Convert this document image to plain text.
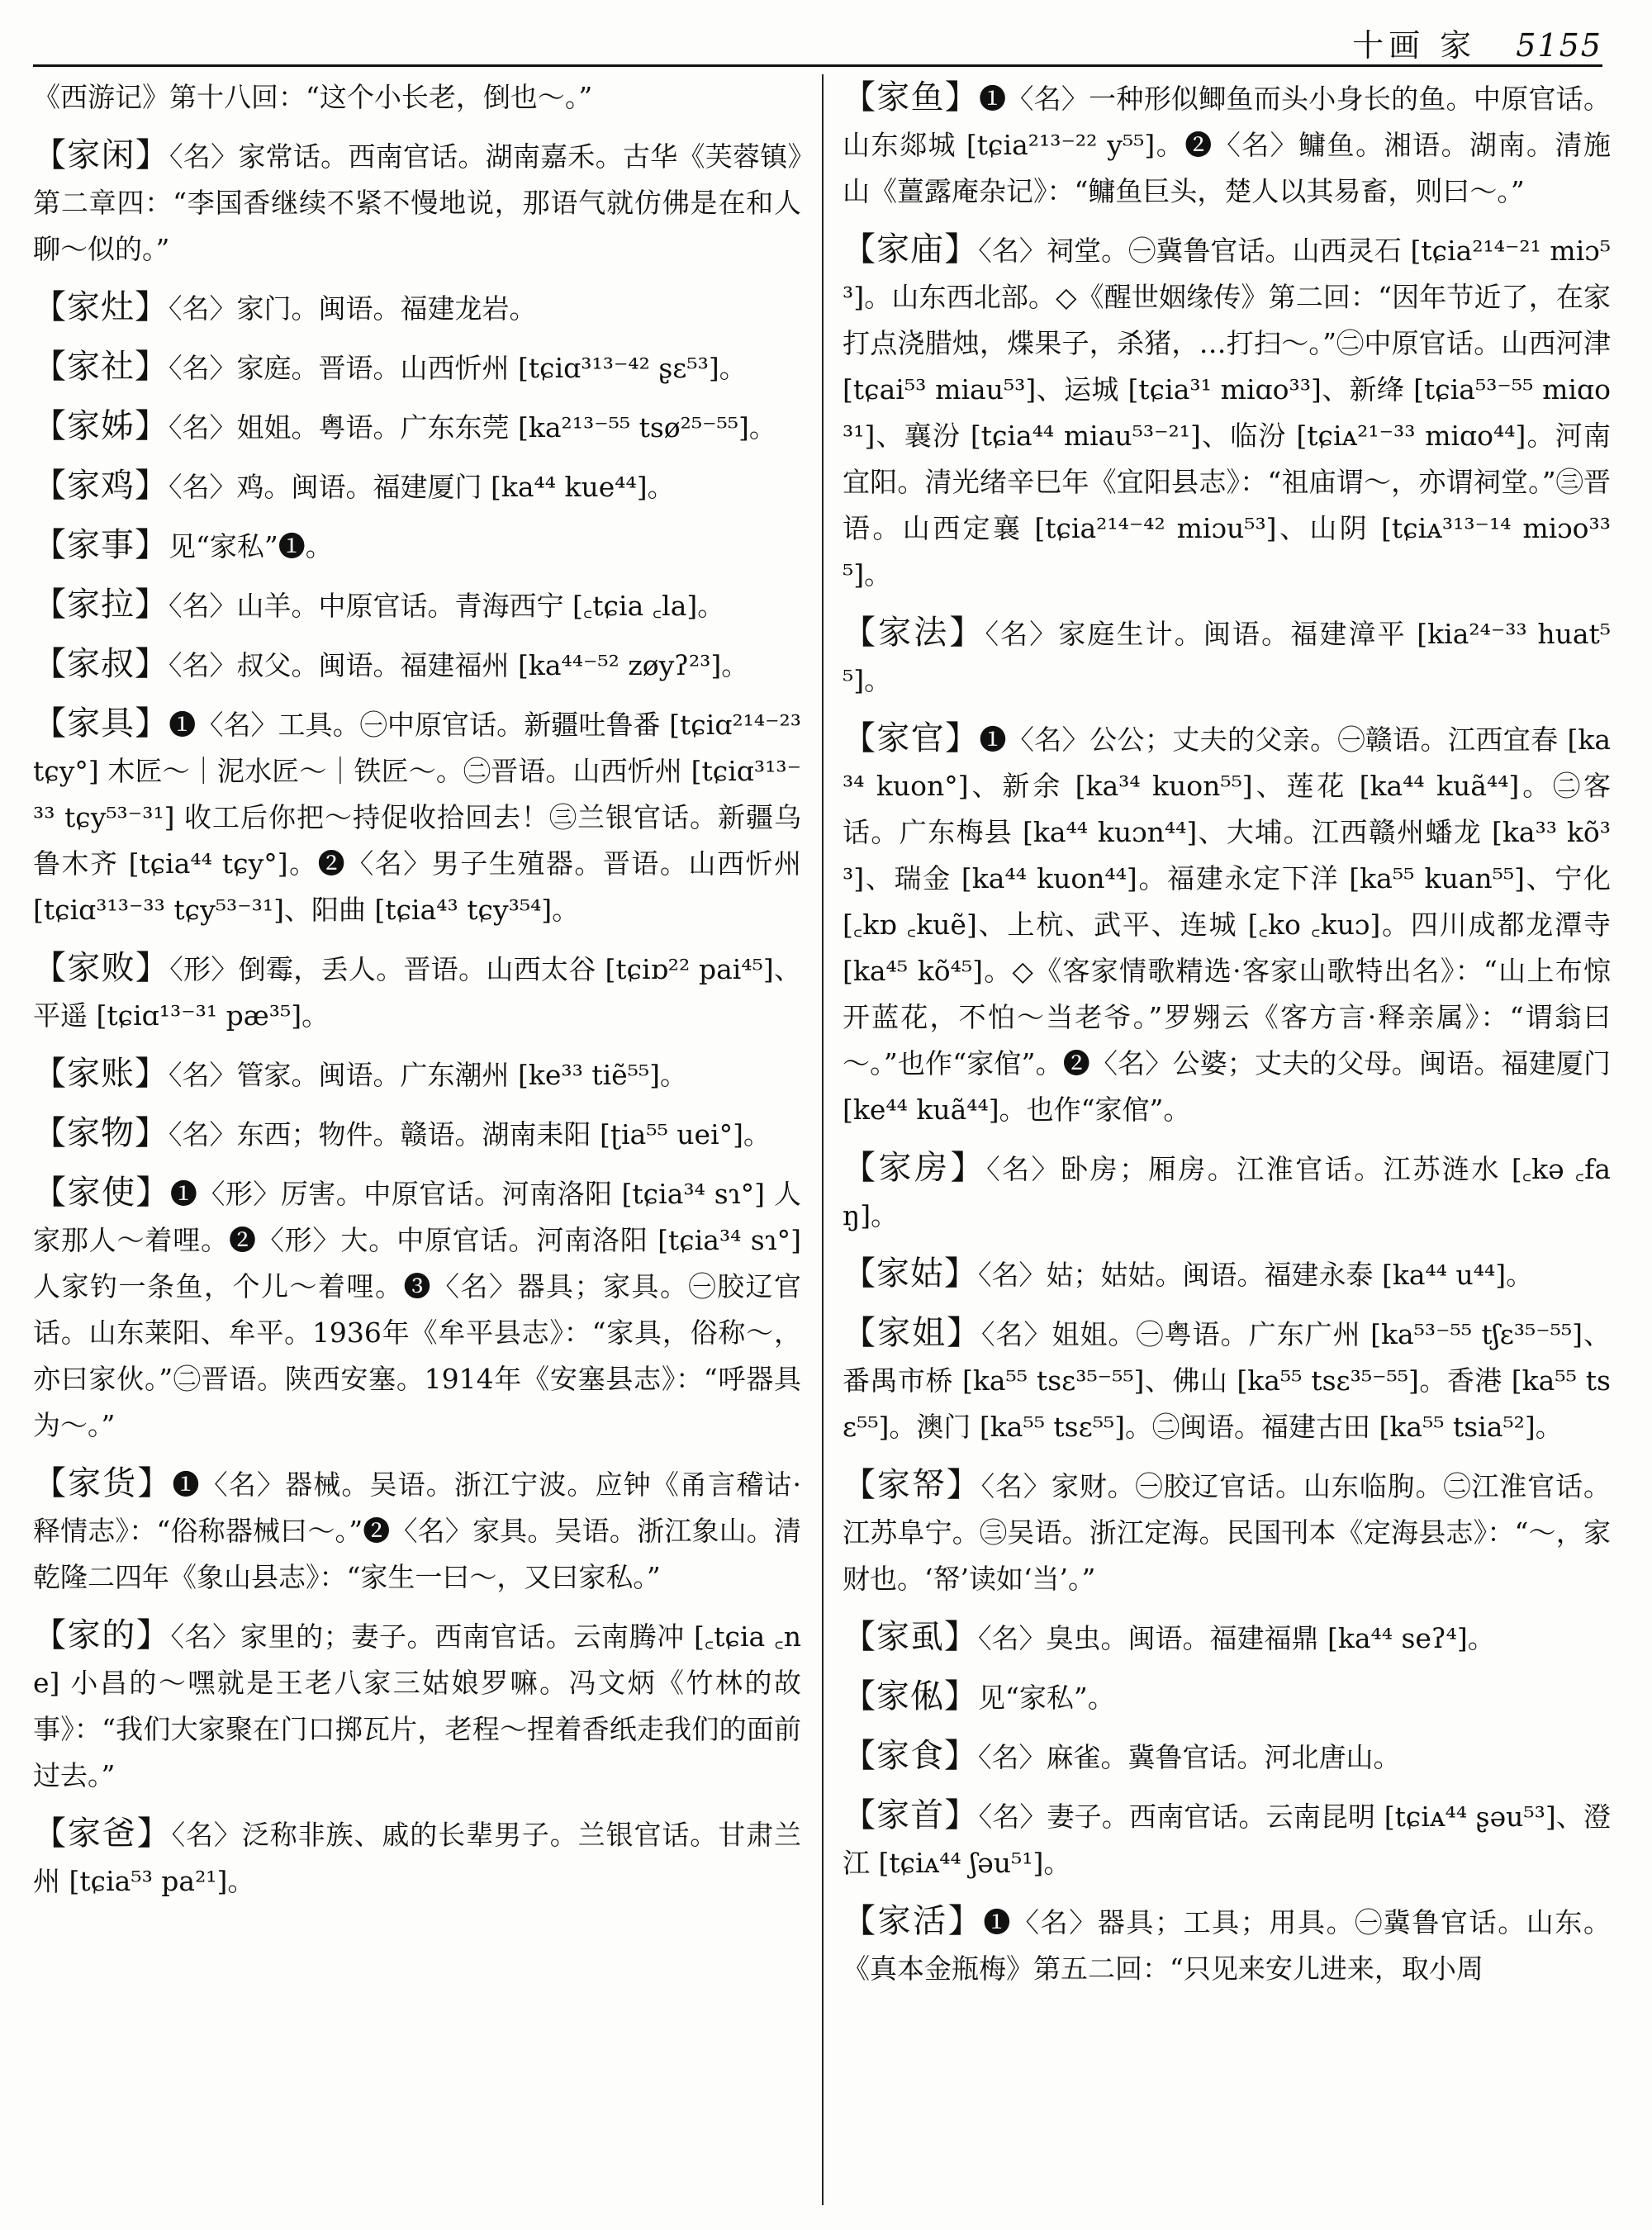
十画 家 5155

《西游记》第十八回：“这个小长老，倒也～。”

【家闲】〈名〉家常话。西南官话。湖南嘉禾。古华《芙蓉镇》第二章四：“李国香继续不紧不慢地说，那语气就仿佛是在和人聊～似的。”

【家灶】〈名〉家门。闽语。福建龙岩。

【家社】〈名〉家庭。晋语。山西忻州 [tɕiɑ³¹³⁻⁴² ʂɛ⁵³]。

【家姊】〈名〉姐姐。粤语。广东东莞 [ka²¹³⁻⁵⁵ tsø²⁵⁻⁵⁵]。

【家鸡】〈名〉鸡。闽语。福建厦门 [ka⁴⁴ kue⁴⁴]。

【家事】见“家私”❶。

【家拉】〈名〉山羊。中原官话。青海西宁 [꜀tɕia ꜀la]。

【家叔】〈名〉叔父。闽语。福建福州 [ka⁴⁴⁻⁵² zøyʔ²³]。

【家具】❶〈名〉工具。㊀中原官话。新疆吐鲁番 [tɕiɑ²¹⁴⁻²³ tɕy°] 木匠～｜泥水匠～｜铁匠～。㊁晋语。山西忻州 [tɕiɑ³¹³⁻³³ tɕy⁵³⁻³¹] 收工后你把～持促收拾回去！㊂兰银官话。新疆乌鲁木齐 [tɕia⁴⁴ tɕy°]。❷〈名〉男子生殖器。晋语。山西忻州 [tɕiɑ³¹³⁻³³ tɕy⁵³⁻³¹]、阳曲 [tɕia⁴³ tɕy³⁵⁴]。

【家败】〈形〉倒霉，丢人。晋语。山西太谷 [tɕiɒ²² pai⁴⁵]、平遥 [tɕiɑ¹³⁻³¹ pæ³⁵]。

【家账】〈名〉管家。闽语。广东潮州 [ke³³ tiẽ⁵⁵]。

【家物】〈名〉东西；物件。赣语。湖南耒阳 [ʈia⁵⁵ uei°]。

【家使】❶〈形〉厉害。中原官话。河南洛阳 [tɕia³⁴ sɿ°] 人家那人～着哩。❷〈形〉大。中原官话。河南洛阳 [tɕia³⁴ sɿ°] 人家钓一条鱼，个儿～着哩。❸〈名〉器具；家具。㊀胶辽官话。山东莱阳、牟平。1936年《牟平县志》：“家具，俗称～，亦曰家伙。”㊁晋语。陕西安塞。1914年《安塞县志》：“呼器具为～。”

【家货】❶〈名〉器械。吴语。浙江宁波。应钟《甬言稽诂·释情志》：“俗称器械曰～。”❷〈名〉家具。吴语。浙江象山。清乾隆二四年《象山县志》：“家生一曰～，又曰家私。”

【家的】〈名〉家里的；妻子。西南官话。云南腾冲 [꜀tɕia ꜀ne] 小昌的～嘿就是王老八家三姑娘罗嘛。冯文炳《竹林的故事》：“我们大家聚在门口掷瓦片，老程～捏着香纸走我们的面前过去。”

【家爸】〈名〉泛称非族、戚的长辈男子。兰银官话。甘肃兰州 [tɕia⁵³ pa²¹]。

【家鱼】❶〈名〉一种形似鲫鱼而头小身长的鱼。中原官话。山东郯城 [tɕia²¹³⁻²² y⁵⁵]。❷〈名〉鳙鱼。湘语。湖南。清施山《薑露庵杂记》：“鳙鱼巨头，楚人以其易畜，则曰～。”

【家庙】〈名〉祠堂。㊀冀鲁官话。山西灵石 [tɕia²¹⁴⁻²¹ miɔ⁵³]。山东西北部。◇《醒世姻缘传》第二回：“因年节近了，在家打点浇腊烛，煠果子，杀猪，…打扫～。”㊁中原官话。山西河津 [tɕai⁵³ miau⁵³]、运城 [tɕia³¹ miɑo³³]、新绛 [tɕia⁵³⁻⁵⁵ miɑo³¹]、襄汾 [tɕia⁴⁴ miau⁵³⁻²¹]、临汾 [tɕiᴀ²¹⁻³³ miɑo⁴⁴]。河南宜阳。清光绪辛巳年《宜阳县志》：“祖庙谓～，亦谓祠堂。”㊂晋语。山西定襄 [tɕia²¹⁴⁻⁴² miɔu⁵³]、山阴 [tɕiᴀ³¹³⁻¹⁴ miɔo³³⁵]。

【家法】〈名〉家庭生计。闽语。福建漳平 [kia²⁴⁻³³ huat⁵⁵]。

【家官】❶〈名〉公公；丈夫的父亲。㊀赣语。江西宜春 [ka³⁴ kuon°]、新余 [ka³⁴ kuon⁵⁵]、莲花 [ka⁴⁴ kuã⁴⁴]。㊁客话。广东梅县 [ka⁴⁴ kuɔn⁴⁴]、大埔。江西赣州蟠龙 [ka³³ kõ³³]、瑞金 [ka⁴⁴ kuon⁴⁴]。福建永定下洋 [ka⁵⁵ kuan⁵⁵]、宁化 [꜀kɒ ꜀kuẽ]、上杭、武平、连城 [꜀ko ꜀kuɔ]。四川成都龙潭寺 [ka⁴⁵ kõ⁴⁵]。◇《客家情歌精选·客家山歌特出名》：“山上布惊开蓝花，不怕～当老爷。”罗翙云《客方言·释亲属》：“谓翁曰～。”也作“家倌”。❷〈名〉公婆；丈夫的父母。闽语。福建厦门 [ke⁴⁴ kuã⁴⁴]。也作“家倌”。

【家房】〈名〉卧房；厢房。江淮官话。江苏涟水 [꜀kə ꜀faŋ]。

【家姑】〈名〉姑；姑姑。闽语。福建永泰 [ka⁴⁴ u⁴⁴]。

【家姐】〈名〉姐姐。㊀粤语。广东广州 [ka⁵³⁻⁵⁵ tʃɛ³⁵⁻⁵⁵]、番禺市桥 [ka⁵⁵ tsɛ³⁵⁻⁵⁵]、佛山 [ka⁵⁵ tsɛ³⁵⁻⁵⁵]。香港 [ka⁵⁵ tsɛ⁵⁵]。澳门 [ka⁵⁵ tsɛ⁵⁵]。㊁闽语。福建古田 [ka⁵⁵ tsia⁵²]。

【家帑】〈名〉家财。㊀胶辽官话。山东临朐。㊁江淮官话。江苏阜宁。㊂吴语。浙江定海。民国刊本《定海县志》：“～，家财也。‘帑’读如‘当’。”

【家虱】〈名〉臭虫。闽语。福建福鼎 [ka⁴⁴ seʔ⁴]。

【家俬】见“家私”。

【家食】〈名〉麻雀。冀鲁官话。河北唐山。

【家首】〈名〉妻子。西南官话。云南昆明 [tɕiᴀ⁴⁴ ʂəu⁵³]、澄江 [tɕiᴀ⁴⁴ ʃəu⁵¹]。

【家活】❶〈名〉器具；工具；用具。㊀冀鲁官话。山东。《真本金瓶梅》第五二回：“只见来安儿进来，取小周
